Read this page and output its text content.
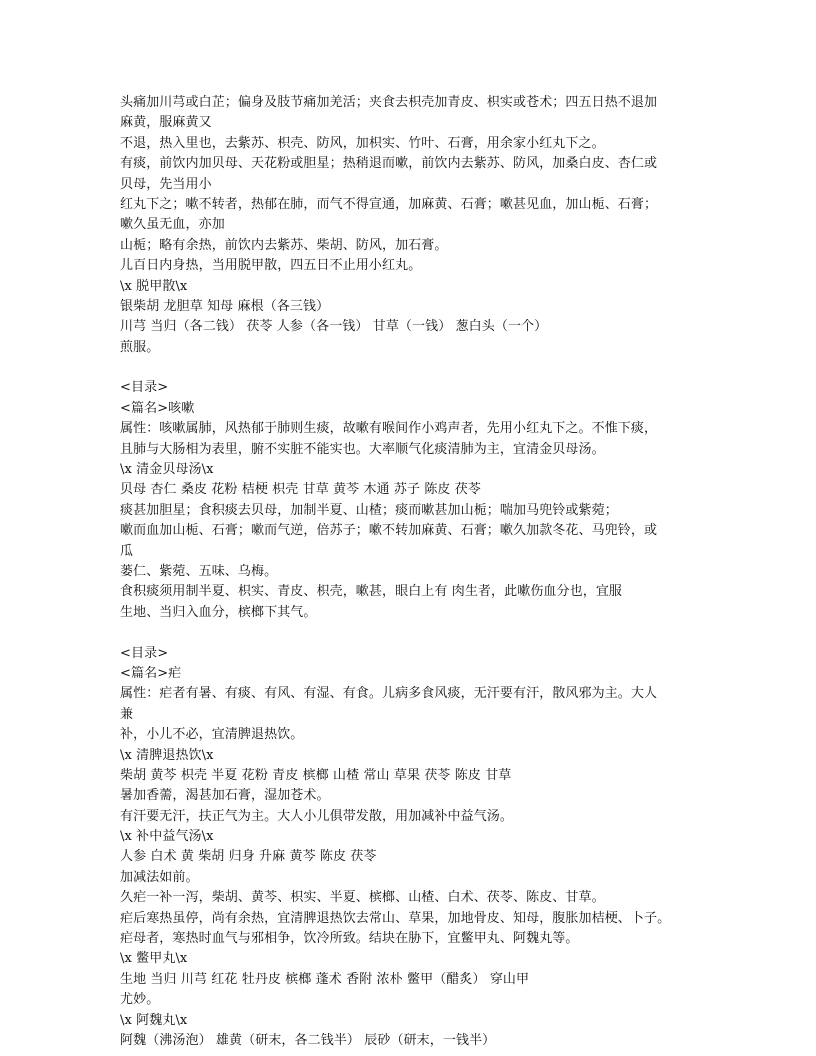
头痛加川芎或白芷；偏身及肢节痛加羌活；夹食去枳壳加青皮、枳实或苍术；四五日热不退加
麻黄，服麻黄又
不退，热入里也，去紫苏、枳壳、防风，加枳实、竹叶、石膏，用余家小红丸下之。
有痰，前饮内加贝母、天花粉或胆星；热稍退而嗽，前饮内去紫苏、防风，加桑白皮、杏仁或
贝母，先当用小
红丸下之；嗽不转者，热郁在肺，而气不得宣通，加麻黄、石膏；嗽甚见血，加山栀、石膏；
嗽久虽无血，亦加
山栀；略有余热，前饮内去紫苏、柴胡、防风，加石膏。
儿百日内身热，当用脱甲散，四五日不止用小红丸。
\x 脱甲散\x
银柴胡 龙胆草 知母 麻根（各三钱）
川芎 当归（各二钱） 茯苓 人参（各一钱） 甘草（一钱） 葱白头（一个）
煎服。
<目录>
<篇名>咳嗽
属性：咳嗽属肺，风热郁于肺则生痰，故嗽有喉间作小鸡声者，先用小红丸下之。不惟下痰，
且肺与大肠相为表里，腑不实脏不能实也。大率顺气化痰清肺为主，宜清金贝母汤。
\x 清金贝母汤\x
贝母 杏仁 桑皮 花粉 桔梗 枳壳 甘草 黄芩 木通 苏子 陈皮 茯苓
痰甚加胆星；食积痰去贝母，加制半夏、山楂；痰而嗽甚加山栀；喘加马兜铃或紫菀；
嗽而血加山栀、石膏；嗽而气逆，倍苏子；嗽不转加麻黄、石膏；嗽久加款冬花、马兜铃，或
瓜
蒌仁、紫菀、五味、乌梅。
食积痰须用制半夏、枳实、青皮、枳壳，嗽甚，眼白上有 肉生者，此嗽伤血分也，宜服
生地、当归入血分，槟榔下其气。
<目录>
<篇名>疟
属性：疟者有暑、有痰、有风、有湿、有食。儿病多食风痰，无汗要有汗，散风邪为主。大人
兼
补，小儿不必，宜清脾退热饮。
\x 清脾退热饮\x
柴胡 黄芩 枳壳 半夏 花粉 青皮 槟榔 山楂 常山 草果 茯苓 陈皮 甘草
暑加香薷，渴甚加石膏，湿加苍术。
有汗要无汗，扶正气为主。大人小儿俱带发散，用加减补中益气汤。
\x 补中益气汤\x
人参 白术 黄 柴胡 归身 升麻 黄芩 陈皮 茯苓
加减法如前。
久疟一补一泻，柴胡、黄芩、枳实、半夏、槟榔、山楂、白术、茯苓、陈皮、甘草。
疟后寒热虽停，尚有余热，宜清脾退热饮去常山、草果，加地骨皮、知母，腹胀加桔梗、卜子。
疟母者，寒热时血气与邪相争，饮冷所致。结块在胁下，宜鳖甲丸、阿魏丸等。
\x 鳖甲丸\x
生地 当归 川芎 红花 牡丹皮 槟榔 蓬术 香附 浓朴 鳖甲（醋炙） 穿山甲
尤妙。
\x 阿魏丸\x
阿魏（沸汤泡） 雄黄（研末，各二钱半） 辰砂（研末，一钱半）
